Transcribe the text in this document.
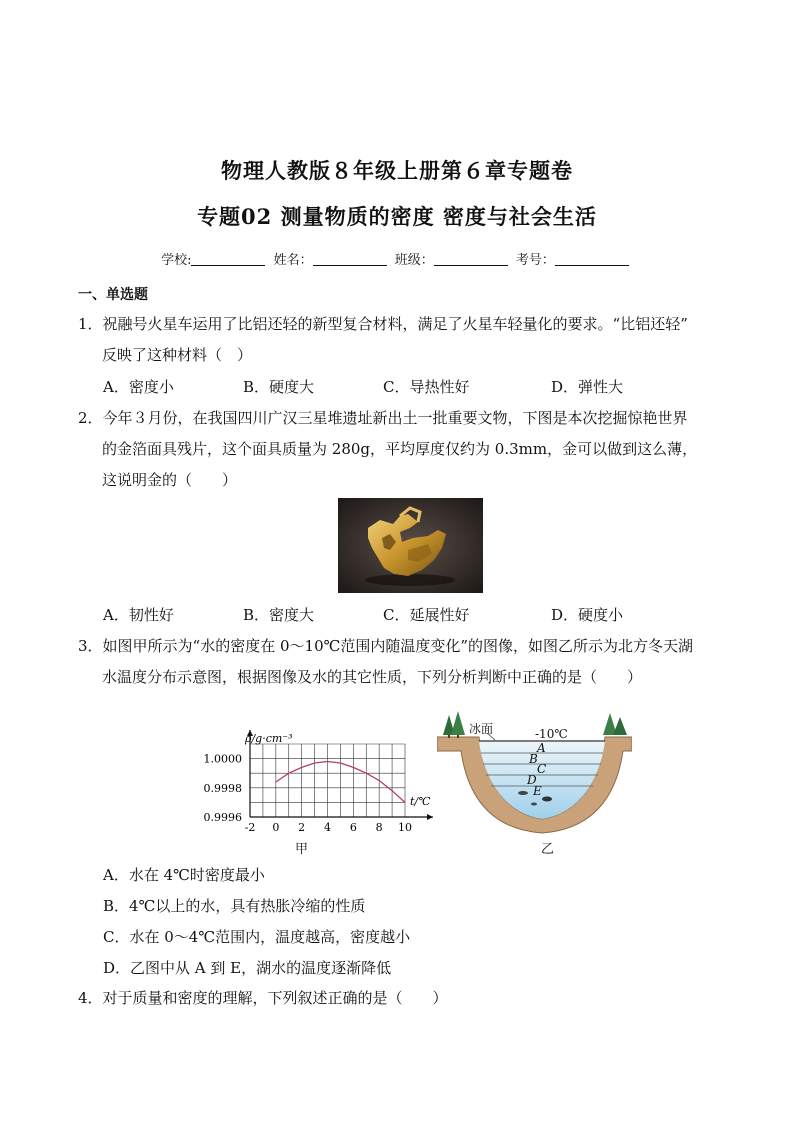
物理人教版８年级上册第６章专题卷
专题02 测量物质的密度 密度与社会生活
学校:	姓名：	班级：	考号：
一、单选题
1．祝融号火星车运用了比铝还轻的新型复合材料，满足了火星车轻量化的要求。“比铝还轻”
反映了这种材料（　）
A．密度小	B．硬度大	C．导热性好	D．弹性大
2．今年３月份，在我国四川广汉三星堆遗址新出土一批重要文物，下图是本次挖掘惊艳世界
的金箔面具残片，这个面具质量为 280g，平均厚度仅约为 0.3mm，金可以做到这么薄，
这说明金的（　　）
A．韧性好	B．密度大	C．延展性好	D．硬度小
3．如图甲所示为“水的密度在 0～10℃范围内随温度变化”的图像，如图乙所示为北方冬天湖
水温度分布示意图，根据图像及水的其它性质，下列分析判断中正确的是（　　）
-2 0 2 4 6 8 10
1.0000
0.9998
0.9996
ρ/g·cm⁻³
t/℃
甲
冰面	-10℃
A
B
C
D
E
乙
A．水在 4℃时密度最小
B．4℃以上的水，具有热胀冷缩的性质
C．水在 0～4℃范围内，温度越高，密度越小
D．乙图中从 A 到 E，湖水的温度逐渐降低
4．对于质量和密度的理解，下列叙述正确的是（　　）
